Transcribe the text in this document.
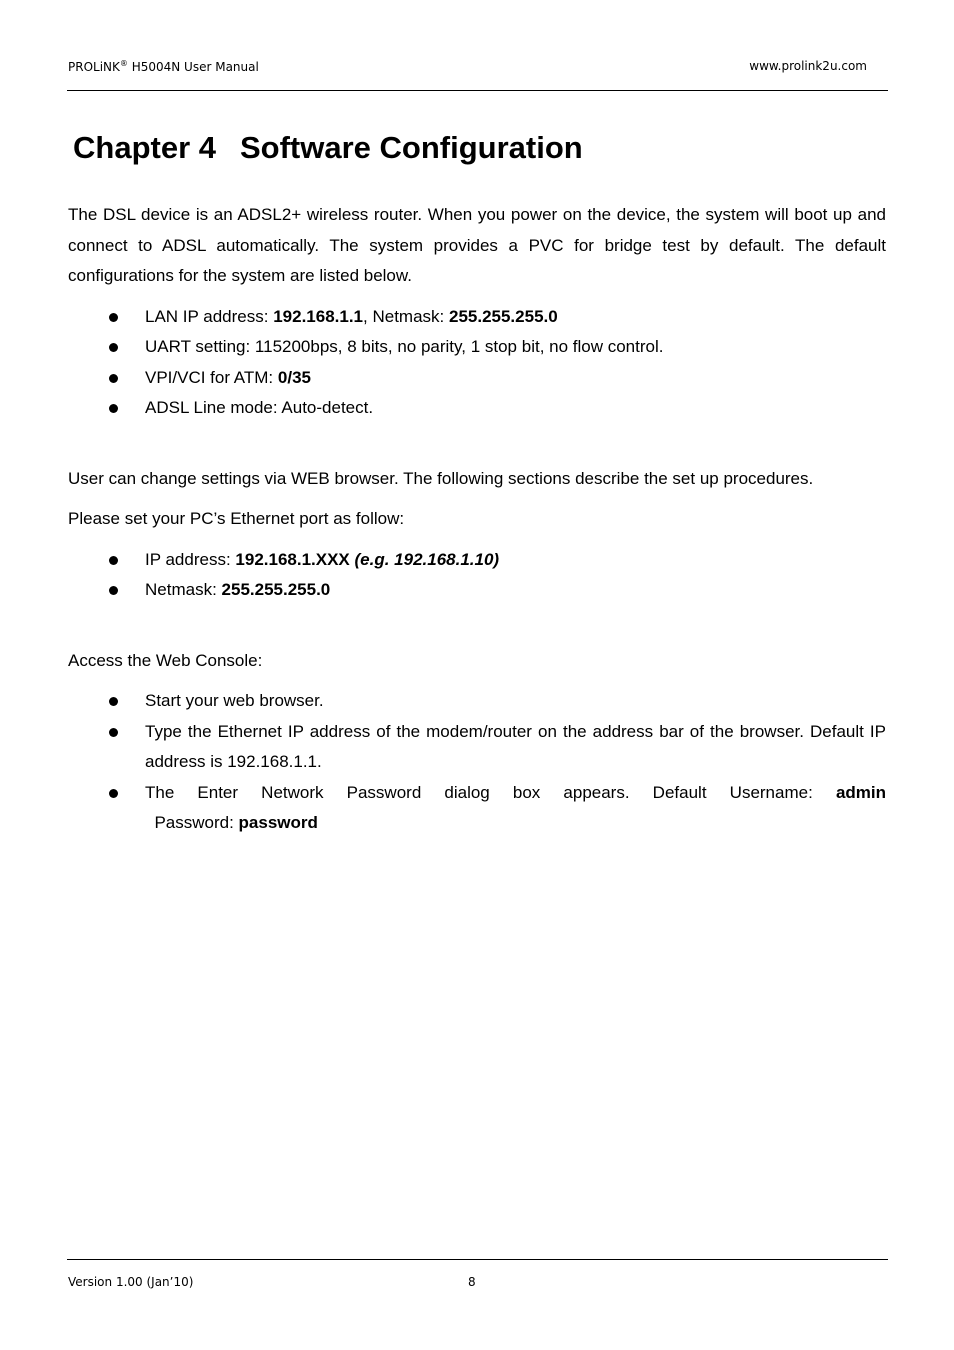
PROLiNK® H5004N User Manual	www.prolink2u.com
Chapter 4 Software Configuration

The DSL device is an ADSL2+ wireless router. When you power on the device, the system will boot up and connect to ADSL automatically. The system provides a PVC for bridge test by default. The default configurations for the system are listed below.

LAN IP address: 192.168.1.1, Netmask: 255.255.255.0
UART setting: 115200bps, 8 bits, no parity, 1 stop bit, no flow control.
VPI/VCI for ATM: 0/35
ADSL Line mode: Auto-detect.

User can change settings via WEB browser. The following sections describe the set up procedures.

Please set your PC’s Ethernet port as follow:

IP address: 192.168.1.XXX (e.g. 192.168.1.10)
Netmask: 255.255.255.0

Access the Web Console:

Start your web browser.
Type the Ethernet IP address of the modem/router on the address bar of the browser. Default IP address is 192.168.1.1.
The Enter Network Password dialog box appears. Default Username: admin  Password: password
Version 1.00 (Jan’10)	8
